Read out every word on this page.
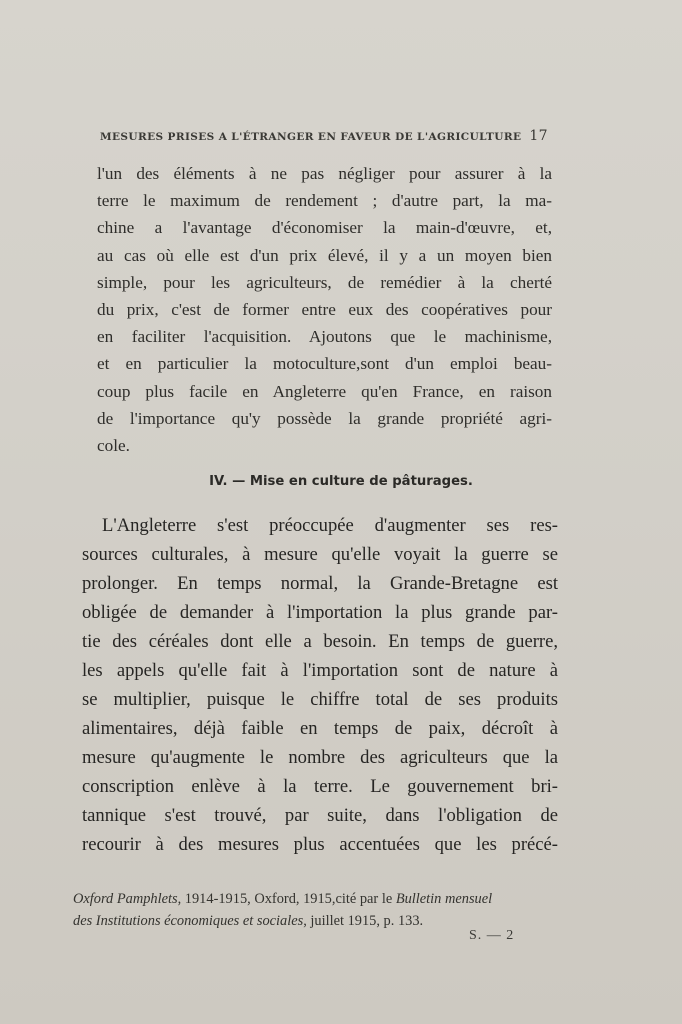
MESURES PRISES A L'ÉTRANGER EN FAVEUR DE L'AGRICULTURE 17
l'un des éléments à ne pas négliger pour assurer à la
terre le maximum de rendement ; d'autre part, la ma-
chine a l'avantage d'économiser la main-d'œuvre, et,
au cas où elle est d'un prix élevé, il y a un moyen bien
simple, pour les agriculteurs, de remédier à la cherté
du prix, c'est de former entre eux des coopératives pour
en faciliter l'acquisition. Ajoutons que le machinisme,
et en particulier la motoculture,sont d'un emploi beau-
coup plus facile en Angleterre qu'en France, en raison
de l'importance qu'y possède la grande propriété agri-
cole.
IV. — Mise en culture de pâturages.
L'Angleterre s'est préoccupée d'augmenter ses res-
sources culturales, à mesure qu'elle voyait la guerre se
prolonger. En temps normal, la Grande-Bretagne est
obligée de demander à l'importation la plus grande par-
tie des céréales dont elle a besoin. En temps de guerre,
les appels qu'elle fait à l'importation sont de nature à
se multiplier, puisque le chiffre total de ses produits
alimentaires, déjà faible en temps de paix, décroît à
mesure qu'augmente le nombre des agriculteurs que la
conscription enlève à la terre. Le gouvernement bri-
tannique s'est trouvé, par suite, dans l'obligation de
recourir à des mesures plus accentuées que les précé-
Oxford Pamphlets, 1914-1915, Oxford, 1915,cité par le Bulletin mensuel
des Institutions économiques et sociales, juillet 1915, p. 133.
S. — 2
